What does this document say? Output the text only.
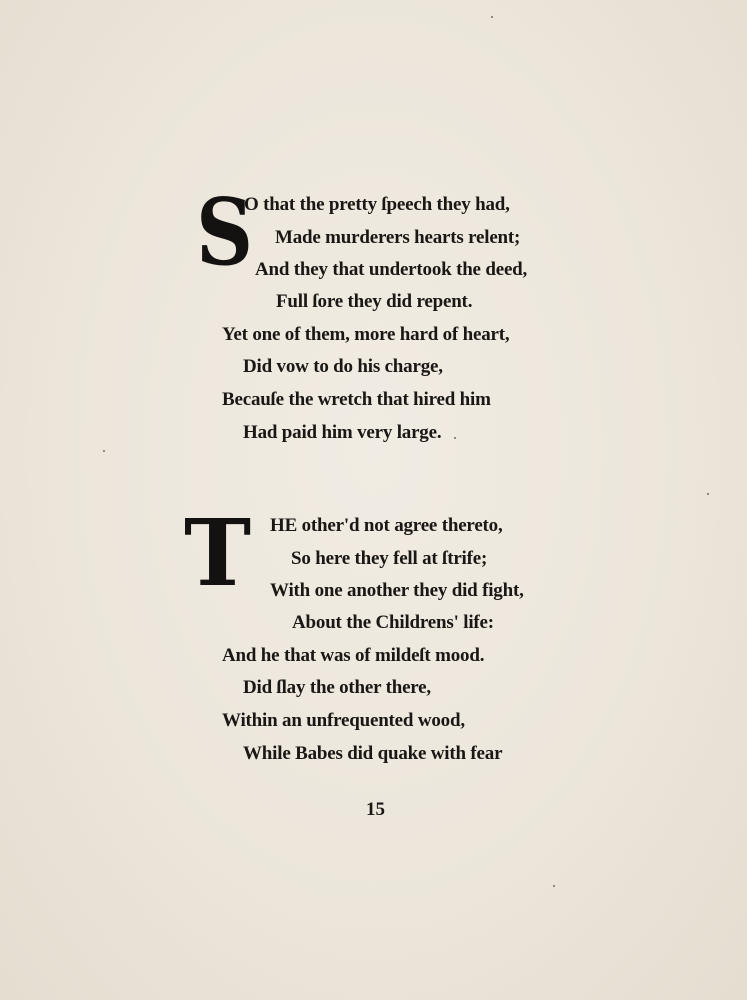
S
O that the pretty ſpeech they had,
Made murderers hearts relent;
And they that undertook the deed,
Full ſore they did repent.
Yet one of them, more hard of heart,
Did vow to do his charge,
Becauſe the wretch that hired him
Had paid him very large.
T HE other'd not agree thereto,
So here they fell at ſtrife;
With one another they did fight,
About the Childrens' life:
And he that was of mildeſt mood.
Did ſlay the other there,
Within an unfrequented wood,
While Babes did quake with fear
15
